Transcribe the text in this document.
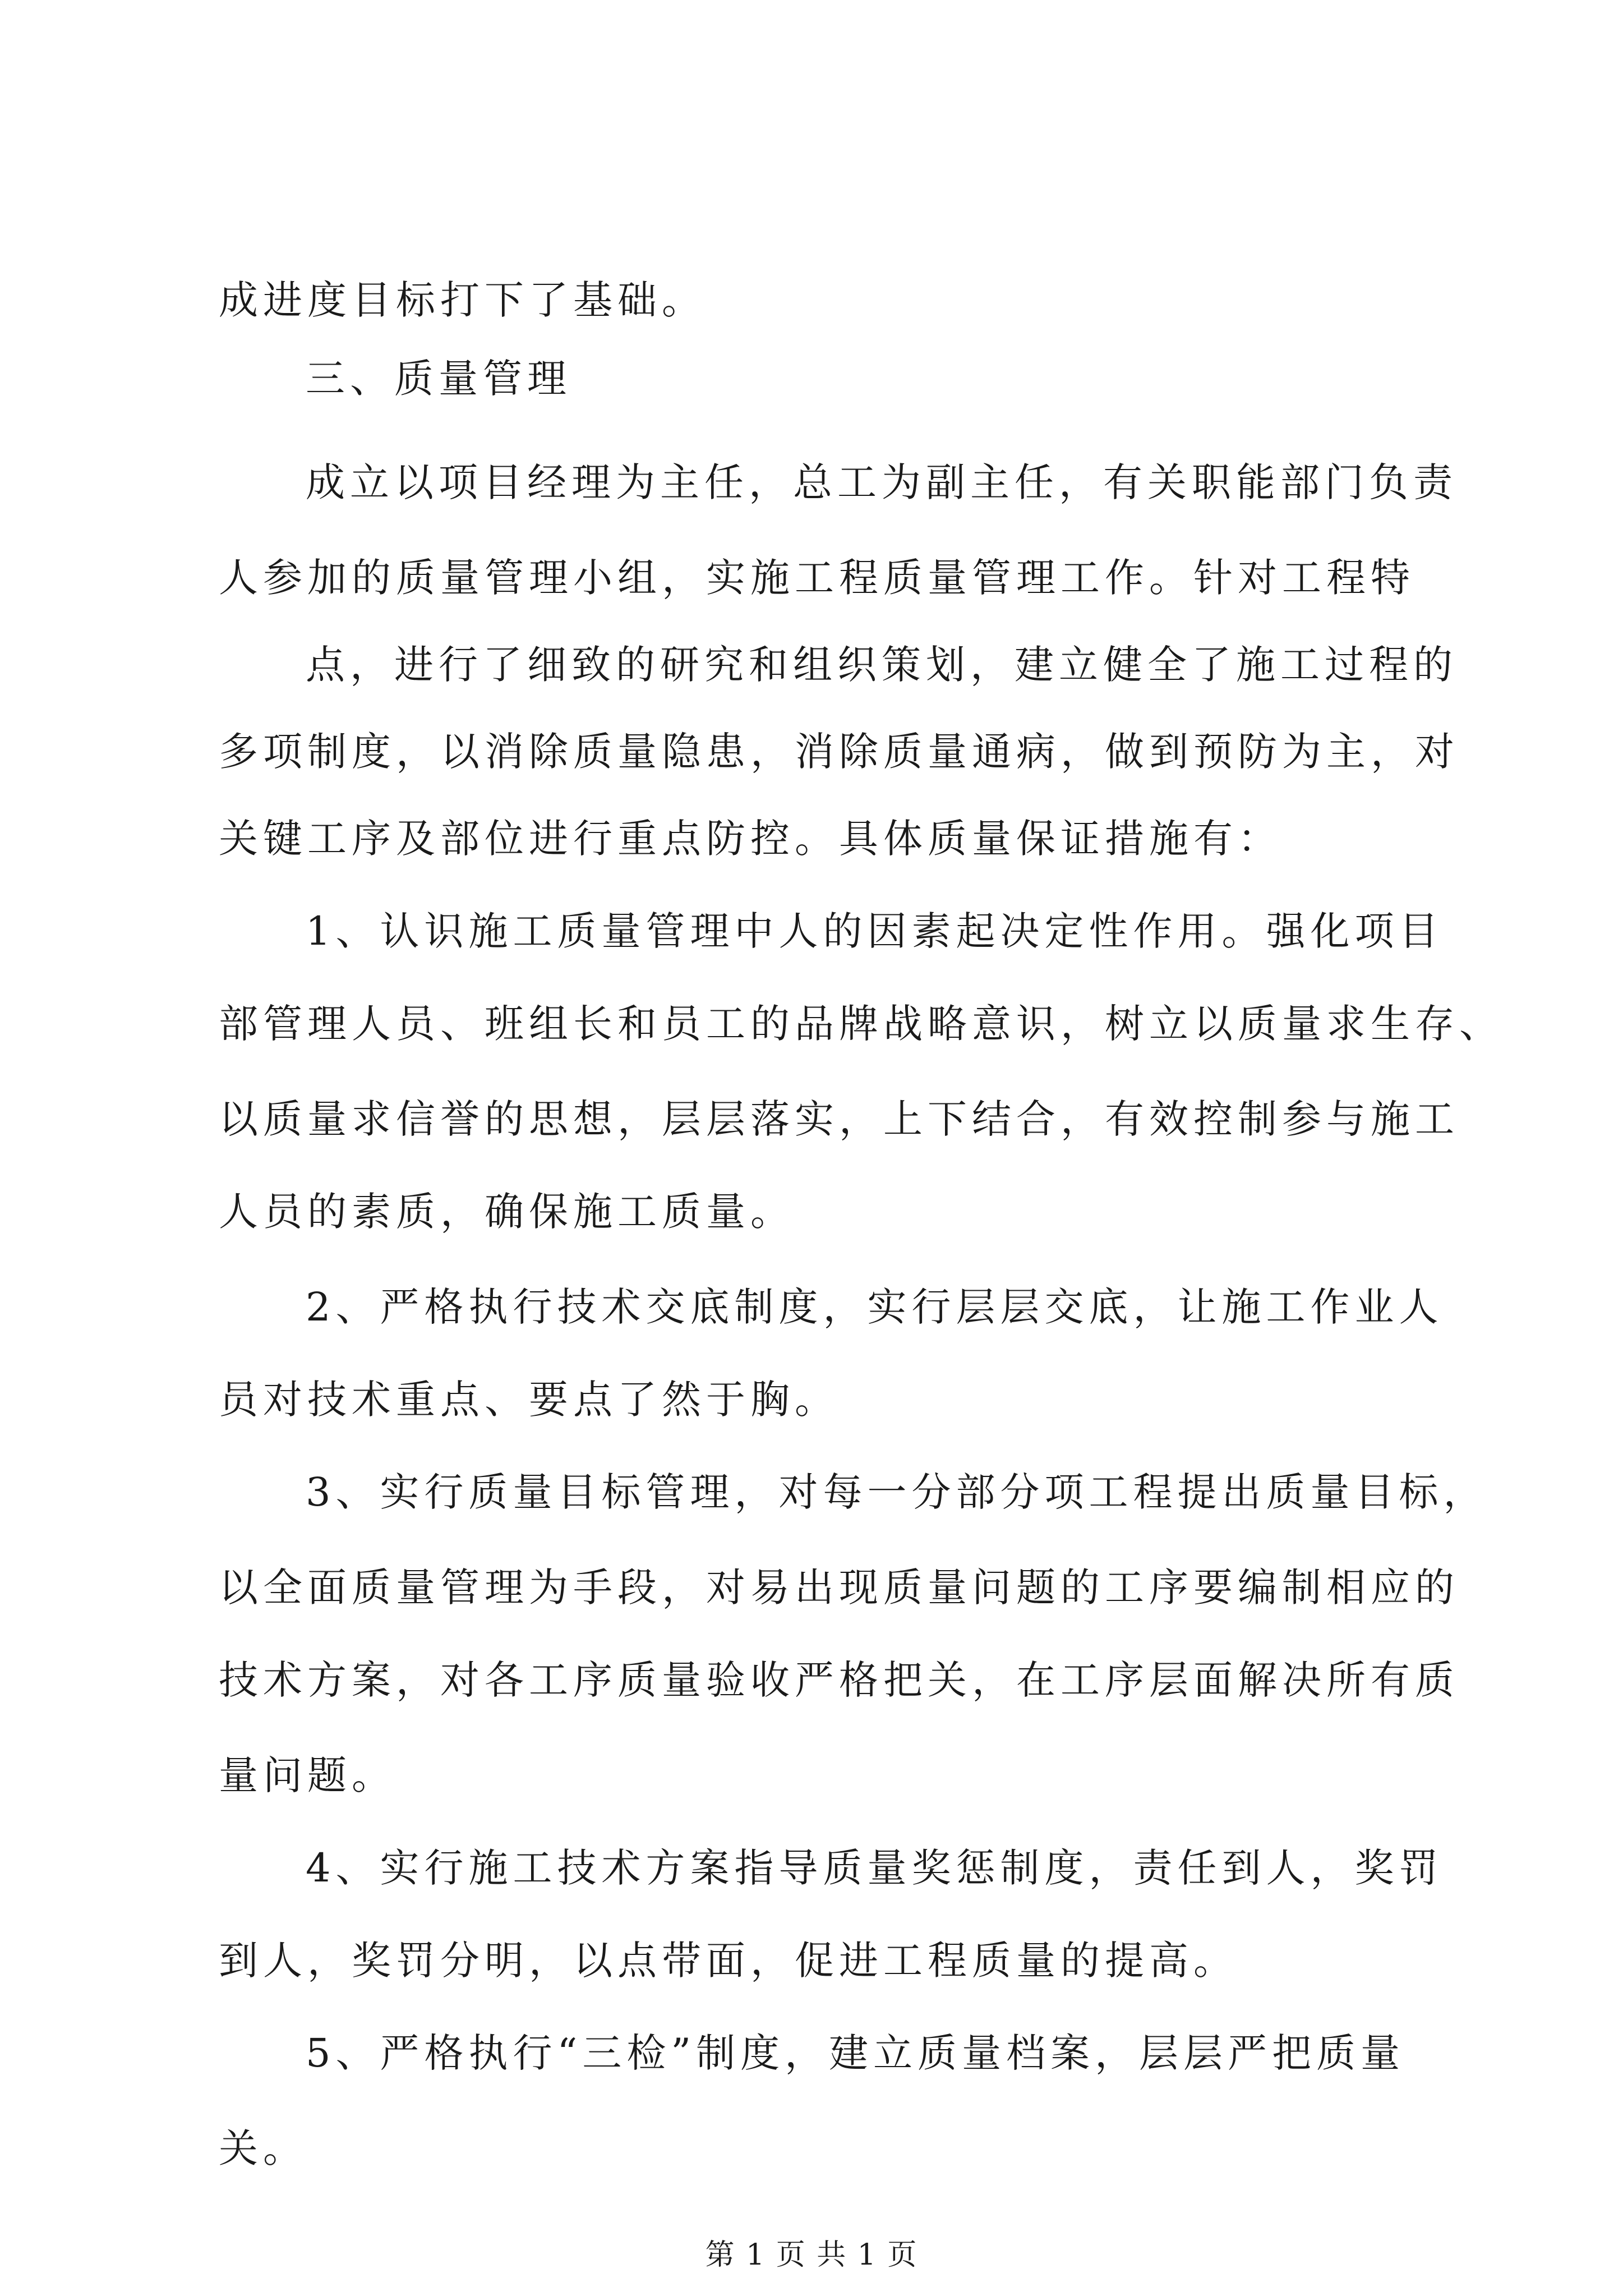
成进度目标打下了基础。
三、质量管理
成立以项目经理为主任，总工为副主任，有关职能部门负责
人参加的质量管理小组，实施工程质量管理工作。针对工程特
点，进行了细致的研究和组织策划，建立健全了施工过程的
多项制度，以消除质量隐患，消除质量通病，做到预防为主，对
关键工序及部位进行重点防控。具体质量保证措施有：
1、认识施工质量管理中人的因素起决定性作用。强化项目
部管理人员、班组长和员工的品牌战略意识，树立以质量求生存、
以质量求信誉的思想，层层落实，上下结合，有效控制参与施工
人员的素质，确保施工质量。
2、严格执行技术交底制度，实行层层交底，让施工作业人
员对技术重点、要点了然于胸。
3、实行质量目标管理，对每一分部分项工程提出质量目标，
以全面质量管理为手段，对易出现质量问题的工序要编制相应的
技术方案，对各工序质量验收严格把关，在工序层面解决所有质
量问题。
4、实行施工技术方案指导质量奖惩制度，责任到人，奖罚
到人，奖罚分明，以点带面，促进工程质量的提高。
5、严格执行“三检”制度，建立质量档案，层层严把质量
关。
第 1 页 共 1 页
